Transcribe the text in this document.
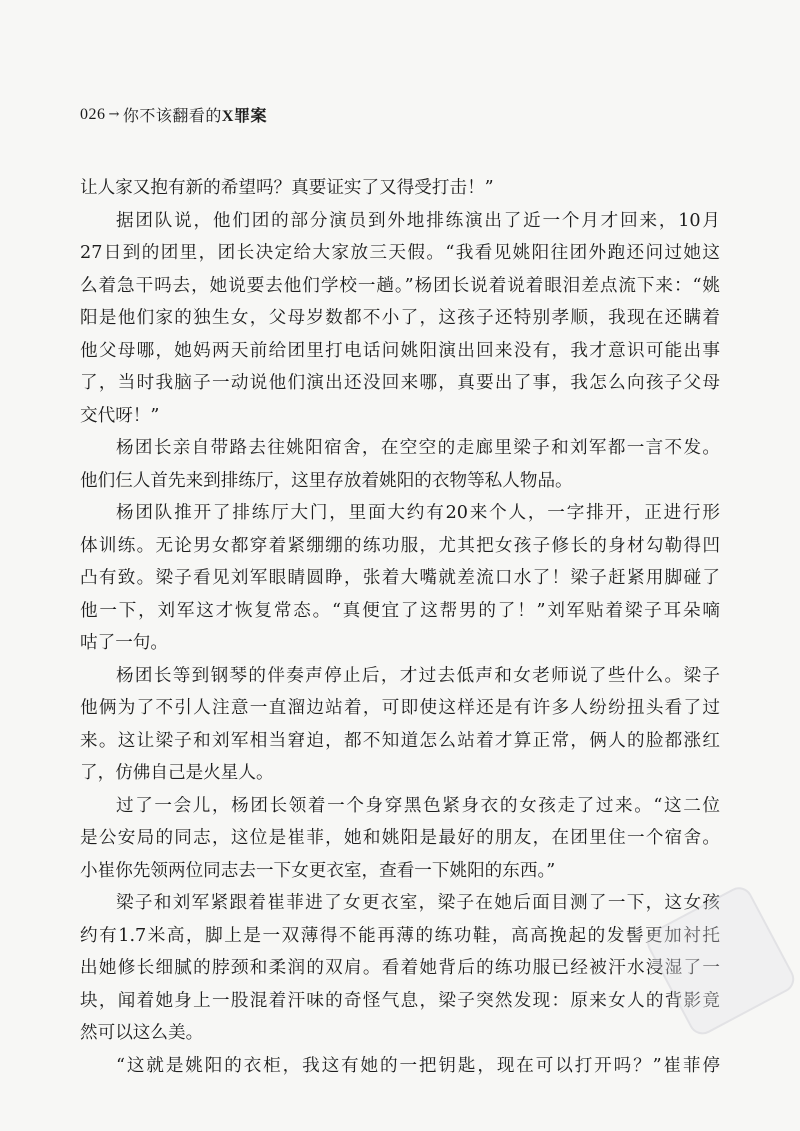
026 → 你不该翻看的X罪案
让人家又抱有新的希望吗？真要证实了又得受打击！”
据团队说，他们团的部分演员到外地排练演出了近一个月才回来，10月
27日到的团里，团长决定给大家放三天假。“我看见姚阳往团外跑还问过她这
么着急干吗去，她说要去他们学校一趟。”杨团长说着说着眼泪差点流下来：“姚
阳是他们家的独生女，父母岁数都不小了，这孩子还特别孝顺，我现在还瞒着
他父母哪，她妈两天前给团里打电话问姚阳演出回来没有，我才意识可能出事
了，当时我脑子一动说他们演出还没回来哪，真要出了事，我怎么向孩子父母
交代呀！”
杨团长亲自带路去往姚阳宿舍，在空空的走廊里梁子和刘军都一言不发。
他们仨人首先来到排练厅，这里存放着姚阳的衣物等私人物品。
杨团队推开了排练厅大门，里面大约有20来个人，一字排开，正进行形
体训练。无论男女都穿着紧绷绷的练功服，尤其把女孩子修长的身材勾勒得凹
凸有致。梁子看见刘军眼睛圆睁，张着大嘴就差流口水了！梁子赶紧用脚碰了
他一下，刘军这才恢复常态。“真便宜了这帮男的了！”刘军贴着梁子耳朵嘀
咕了一句。
杨团长等到钢琴的伴奏声停止后，才过去低声和女老师说了些什么。梁子
他俩为了不引人注意一直溜边站着，可即使这样还是有许多人纷纷扭头看了过
来。这让梁子和刘军相当窘迫，都不知道怎么站着才算正常，俩人的脸都涨红
了，仿佛自己是火星人。
过了一会儿，杨团长领着一个身穿黑色紧身衣的女孩走了过来。“这二位
是公安局的同志，这位是崔菲，她和姚阳是最好的朋友，在团里住一个宿舍。
小崔你先领两位同志去一下女更衣室，查看一下姚阳的东西。”
梁子和刘军紧跟着崔菲进了女更衣室，梁子在她后面目测了一下，这女孩
约有1.7米高，脚上是一双薄得不能再薄的练功鞋，高高挽起的发髻更加衬托
出她修长细腻的脖颈和柔润的双肩。看着她背后的练功服已经被汗水浸湿了一
块，闻着她身上一股混着汗味的奇怪气息，梁子突然发现：原来女人的背影竟
然可以这么美。
“这就是姚阳的衣柜，我这有她的一把钥匙，现在可以打开吗？”崔菲停
